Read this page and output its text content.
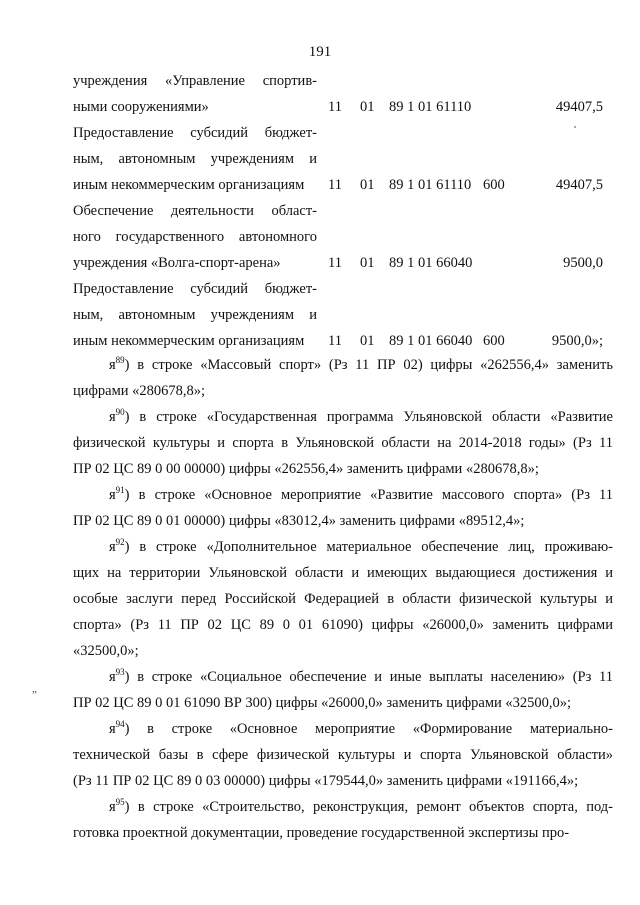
191
„
учреждения «Управление спортив-
ными сооружениями»	11 01 89 1 01 61110	49407,5
Предоставление субсидий бюджет-
ным, автономным учреждениям и
иным некоммерческим организациям	11 01 89 1 01 61110 600	49407,5
Обеспечение деятельности област-
ного государственного автономного
учреждения «Волга-спорт-арена»	11 01 89 1 01 66040	9500,0
Предоставление субсидий бюджет-
ным, автономным учреждениям и
иным некоммерческим организациям	11 01 89 1 01 66040 600	9500,0»;
$я^{89}$) в строке «Массовый спорт» (Рз 11 ПР 02) цифры «262556,4» заменить
цифрами «280678,8»;
$я^{90}$) в строке «Государственная программа Ульяновской области «Развитие
физической культуры и спорта в Ульяновской области на 2014-2018 годы» (Рз 11
ПР 02 ЦС 89 0 00 00000) цифры «262556,4» заменить цифрами «280678,8»;
$я^{91}$) в строке «Основное мероприятие «Развитие массового спорта» (Рз 11
ПР 02 ЦС 89 0 01 00000) цифры «83012,4» заменить цифрами «89512,4»;
$я^{92}$) в строке «Дополнительное материальное обеспечение лиц, проживаю-
щих на территории Ульяновской области и имеющих выдающиеся достижения и
особые заслуги перед Российской Федерацией в области физической культуры и
спорта» (Рз 11 ПР 02 ЦС 89 0 01 61090) цифры «26000,0» заменить цифрами
«32500,0»;
$я^{93}$) в строке «Социальное обеспечение и иные выплаты населению» (Рз 11
ПР 02 ЦС 89 0 01 61090 ВР 300) цифры «26000,0» заменить цифрами «32500,0»;
$я^{94}$) в строке «Основное мероприятие «Формирование материально-
технической базы в сфере физической культуры и спорта Ульяновской области»
(Рз 11 ПР 02 ЦС 89 0 03 00000) цифры «179544,0» заменить цифрами «191166,4»;
$я^{95}$) в строке «Строительство, реконструкция, ремонт объектов спорта, под-
готовка проектной документации, проведение государственной экспертизы про-
